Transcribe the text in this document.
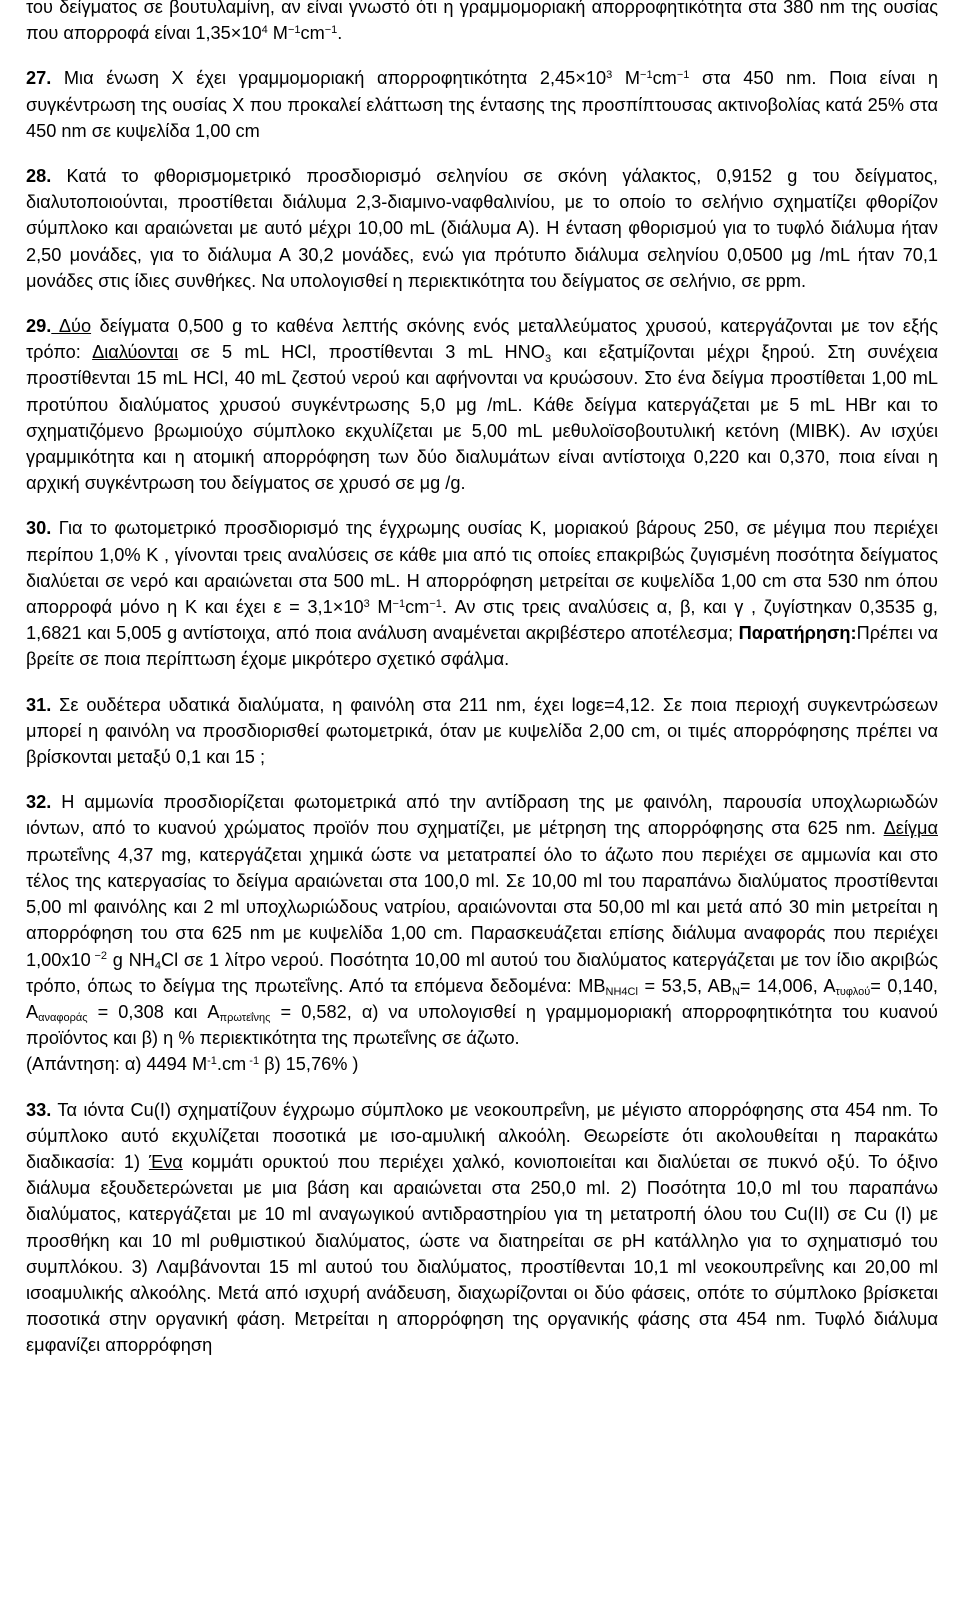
του δείγματος σε βουτυλαμίνη, αν είναι γνωστό ότι η γραμμομοριακή απορροφητικότητα στα 380 nm της ουσίας που απορροφά είναι $1,35\times 10^4$ $M^{-1}cm^{-1}$.

27. Μια ένωση Χ έχει γραμμομοριακή απορροφητικότητα $2,45\times 10^3$ $M^{-1}cm^{-1}$ στα 450 nm. Ποια είναι η συγκέντρωση της ουσίας Χ που προκαλεί ελάττωση της έντασης της προσπίπτουσας ακτινοβολίας κατά 25% στα 450 nm σε κυψελίδα 1,00 cm

28. Κατά το φθορισμομετρικό προσδιορισμό σεληνίου σε σκόνη γάλακτος, 0,9152 g του δείγματος, διαλυτοποιούνται, προστίθεται διάλυμα 2,3-διαμινο-ναφθαλινίου, με το οποίο το σελήνιο σχηματίζει φθορίζον σύμπλοκο και αραιώνεται με αυτό μέχρι 10,00 mL (διάλυμα Α). Η ένταση φθορισμού για το τυφλό διάλυμα ήταν 2,50 μονάδες, για το διάλυμα Α 30,2 μονάδες, ενώ για πρότυπο διάλυμα σεληνίου 0,0500 μg /mL ήταν 70,1 μονάδες στις ίδιες συνθήκες. Να υπολογισθεί η περιεκτικότητα του δείγματος σε σελήνιο, σε ppm.

29. Δύο δείγματα 0,500 g το καθένα λεπτής σκόνης ενός μεταλλεύματος χρυσού, κατεργάζονται με τον εξής τρόπο: Διαλύονται σε 5 mL HCl, προστίθενται 3 mL $HNO_3$ και εξατμίζονται μέχρι ξηρού. Στη συνέχεια προστίθενται 15 mL HCl, 40 mL ζεστού νερού και αφήνονται να κρυώσουν. Στο ένα δείγμα προστίθεται 1,00 mL προτύπου διαλύματος χρυσού συγκέντρωσης 5,0 μg /mL. Κάθε δείγμα κατεργάζεται με 5 mL HBr και το σχηματιζόμενο βρωμιούχο σύμπλοκο εκχυλίζεται με 5,00 mL μεθυλοϊσοβουτυλική κετόνη (MIBK). Αν ισχύει γραμμικότητα και η ατομική απορρόφηση των δύο διαλυμάτων είναι αντίστοιχα 0,220 και 0,370, ποια είναι η αρχική συγκέντρωση του δείγματος σε χρυσό σε μg /g.

30. Για το φωτομετρικό προσδιορισμό της έγχρωμης ουσίας Κ, μοριακού βάρους 250, σε μέγιμα που περιέχει περίπου 1,0% Κ , γίνονται τρεις αναλύσεις σε κάθε μια από τις οποίες επακριβώς ζυγισμένη ποσότητα δείγματος διαλύεται σε νερό και αραιώνεται στα 500 mL. Η απορρόφηση μετρείται σε κυψελίδα 1,00 cm στα 530 nm όπου απορροφά μόνο η Κ και έχει $\varepsilon = 3,1\times 10^3$ $M^{-1}cm^{-1}$. Αν στις τρεις αναλύσεις α, β, και γ , ζυγίστηκαν 0,3535 g, 1,6821 και 5,005 g αντίστοιχα, από ποια ανάλυση αναμένεται ακριβέστερο αποτέλεσμα; Παρατήρηση:Πρέπει να βρείτε σε ποια περίπτωση έχομε μικρότερο σχετικό σφάλμα.

31. Σε ουδέτερα υδατικά διαλύματα, η φαινόλη στα 211 nm, έχει logε=4,12. Σε ποια περιοχή συγκεντρώσεων μπορεί η φαινόλη να προσδιορισθεί φωτομετρικά, όταν με κυψελίδα 2,00 cm, οι τιμές απορρόφησης πρέπει να βρίσκονται μεταξύ 0,1 και 15 ;

32. Η αμμωνία προσδιορίζεται φωτομετρικά από την αντίδραση της με φαινόλη, παρουσία υποχλωριωδών ιόντων, από το κυανού χρώματος προϊόν που σχηματίζει, με μέτρηση της απορρόφησης στα 625 nm. Δείγμα πρωτεΐνης 4,37 mg, κατεργάζεται χημικά ώστε να μετατραπεί όλο το άζωτο που περιέχει σε αμμωνία και στο τέλος της κατεργασίας το δείγμα αραιώνεται στα 100,0 ml. Σε 10,00 ml του παραπάνω διαλύματος προστίθενται 5,00 ml φαινόλης και 2 ml υποχλωριώδους νατρίου, αραιώνονται στα 50,00 ml και μετά από 30 min μετρείται η απορρόφηση του στα 625 nm με κυψελίδα 1,00 cm. Παρασκευάζεται επίσης διάλυμα αναφοράς που περιέχει 1,00x10 $^{-2}$ g $NH_4Cl$ σε 1 λίτρο νερού. Ποσότητα 10,00 ml αυτού του διαλύματος κατεργάζεται με τον ίδιο ακριβώς τρόπο, όπως το δείγμα της πρωτεΐνης. Από τα επόμενα δεδομένα: $MB_{NH4Cl} = 53,5$, $AB_N= 14,006$, $A_{\tau\upsilon\varphi\lambda oύ}= 0,140$, $A_{\alpha\nu\alpha\varphi o\rho ά\varsigma} = 0,308$ και $A_{\pi\rho\omega\tau\varepsilon ΐ\nu\eta\varsigma} = 0,582$, α) να υπολογισθεί η γραμμομοριακή απορροφητικότητα του κυανού προϊόντος και β) η % περιεκτικότητα της πρωτεΐνης σε άζωτο.
(Απάντηση: α) 4494 $M^{-1}.cm$ $^{-1}$ β) 15,76% )

33. Τα ιόντα Cu(I) σχηματίζουν έγχρωμο σύμπλοκο με νεοκουπρεΐνη, με μέγιστο απορρόφησης στα 454 nm. Το σύμπλοκο αυτό εκχυλίζεται ποσοτικά με ισο-αμυλική αλκοόλη. Θεωρείστε ότι ακολουθείται η παρακάτω διαδικασία: 1) Ένα κομμάτι ορυκτού που περιέχει χαλκό, κονιοποιείται και διαλύεται σε πυκνό οξύ. Το όξινο διάλυμα εξουδετερώνεται με μια βάση και αραιώνεται στα 250,0 ml. 2) Ποσότητα 10,0 ml του παραπάνω διαλύματος, κατεργάζεται με 10 ml αναγωγικού αντιδραστηρίου για τη μετατροπή όλου του Cu(II) σε Cu (I) με προσθήκη και 10 ml ρυθμιστικού διαλύματος, ώστε να διατηρείται σε pH κατάλληλο για το σχηματισμό του συμπλόκου. 3) Λαμβάνονται 15 ml αυτού του διαλύματος, προστίθενται 10,1 ml νεοκουπρεΐνης και 20,00 ml ισοαμυλικής αλκοόλης. Μετά από ισχυρή ανάδευση, διαχωρίζονται οι δύο φάσεις, οπότε το σύμπλοκο βρίσκεται ποσοτικά στην οργανική φάση. Μετρείται η απορρόφηση της οργανικής φάσης στα 454 nm. Τυφλό διάλυμα εμφανίζει απορρόφηση
